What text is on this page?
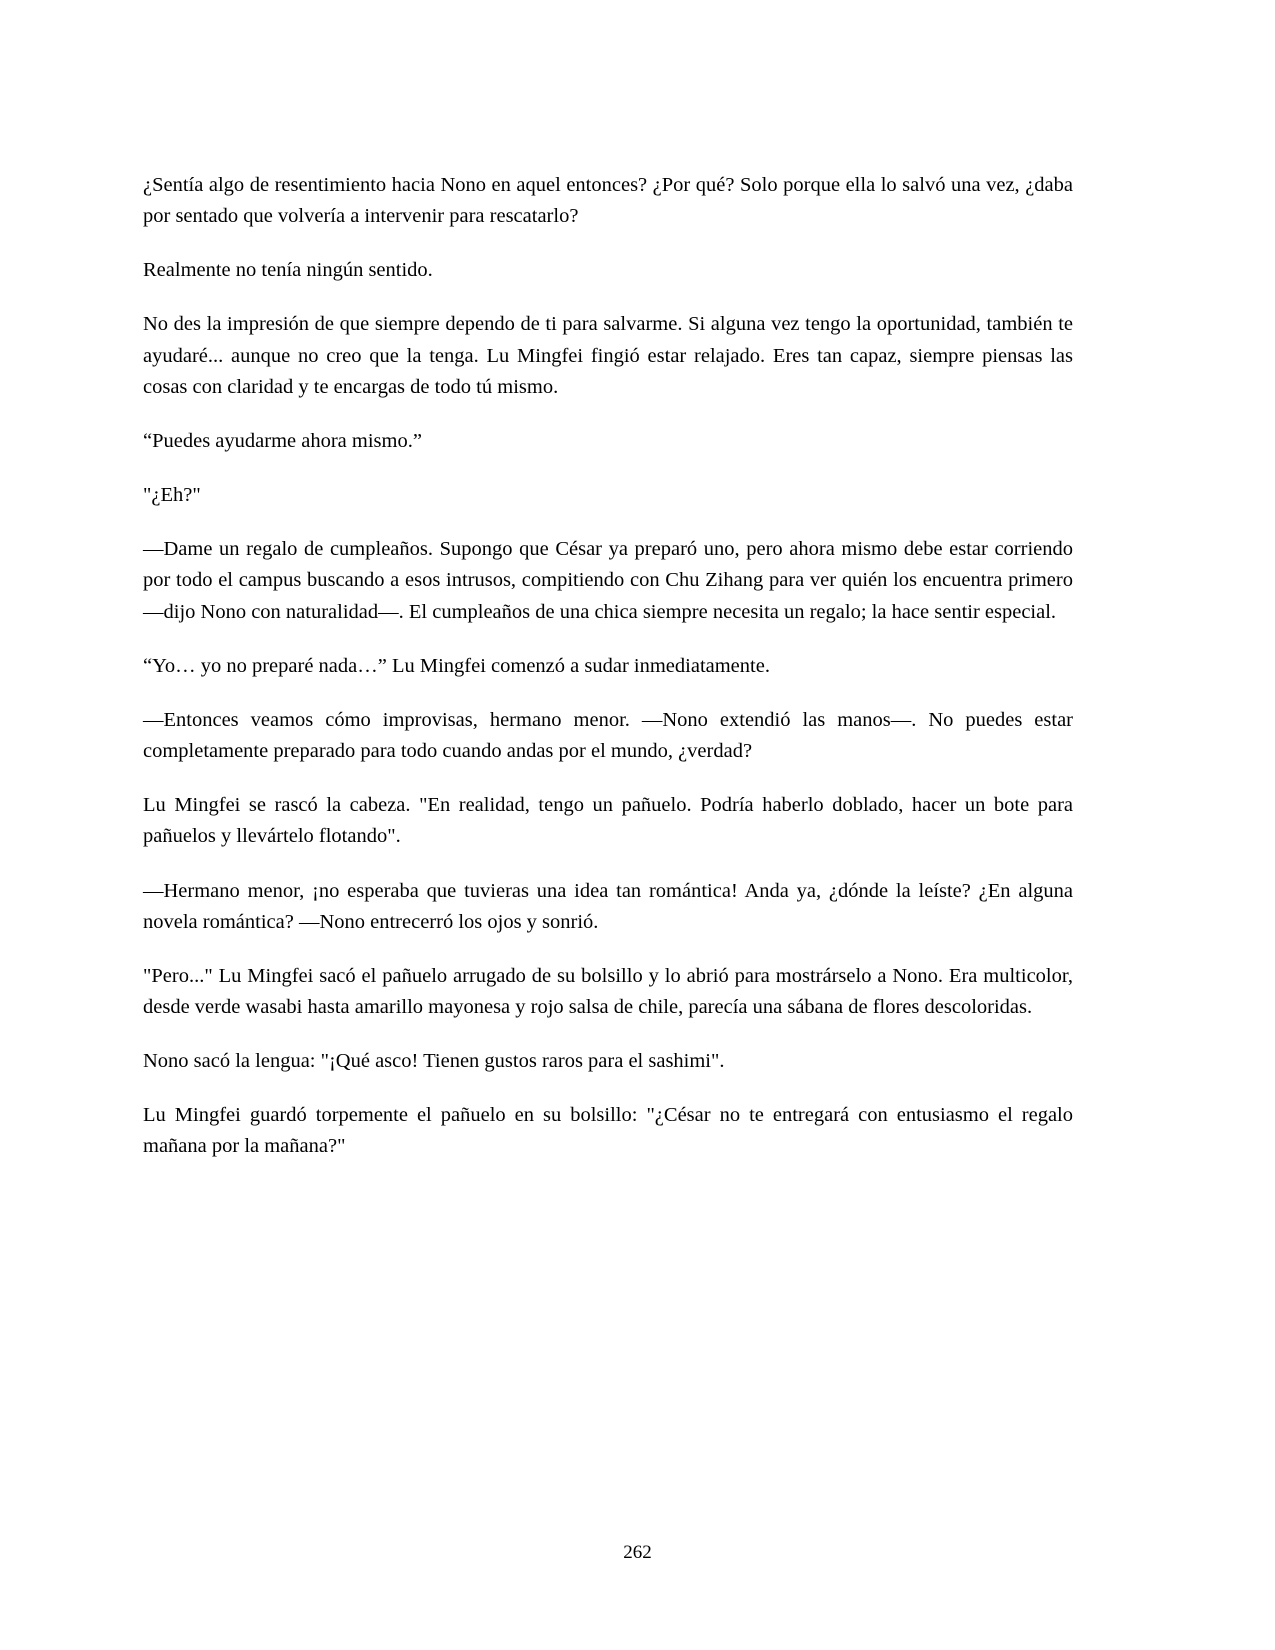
¿Sentía algo de resentimiento hacia Nono en aquel entonces? ¿Por qué? Solo porque ella lo salvó una vez, ¿daba por sentado que volvería a intervenir para rescatarlo?

Realmente no tenía ningún sentido.

No des la impresión de que siempre dependo de ti para salvarme. Si alguna vez tengo la oportunidad, también te ayudaré... aunque no creo que la tenga. Lu Mingfei fingió estar relajado. Eres tan capaz, siempre piensas las cosas con claridad y te encargas de todo tú mismo.

“Puedes ayudarme ahora mismo.”

"¿Eh?"

—Dame un regalo de cumpleaños. Supongo que César ya preparó uno, pero ahora mismo debe estar corriendo por todo el campus buscando a esos intrusos, compitiendo con Chu Zihang para ver quién los encuentra primero —dijo Nono con naturalidad—. El cumpleaños de una chica siempre necesita un regalo; la hace sentir especial.

“Yo… yo no preparé nada…” Lu Mingfei comenzó a sudar inmediatamente.

—Entonces veamos cómo improvisas, hermano menor. —Nono extendió las manos—. No puedes estar completamente preparado para todo cuando andas por el mundo, ¿verdad?

Lu Mingfei se rascó la cabeza. "En realidad, tengo un pañuelo. Podría haberlo doblado, hacer un bote para pañuelos y llevártelo flotando".

—Hermano menor, ¡no esperaba que tuvieras una idea tan romántica! Anda ya, ¿dónde la leíste? ¿En alguna novela romántica? —Nono entrecerró los ojos y sonrió.

"Pero..." Lu Mingfei sacó el pañuelo arrugado de su bolsillo y lo abrió para mostrárselo a Nono. Era multicolor, desde verde wasabi hasta amarillo mayonesa y rojo salsa de chile, parecía una sábana de flores descoloridas.

Nono sacó la lengua: "¡Qué asco! Tienen gustos raros para el sashimi".

Lu Mingfei guardó torpemente el pañuelo en su bolsillo: "¿César no te entregará con entusiasmo el regalo mañana por la mañana?"

262
